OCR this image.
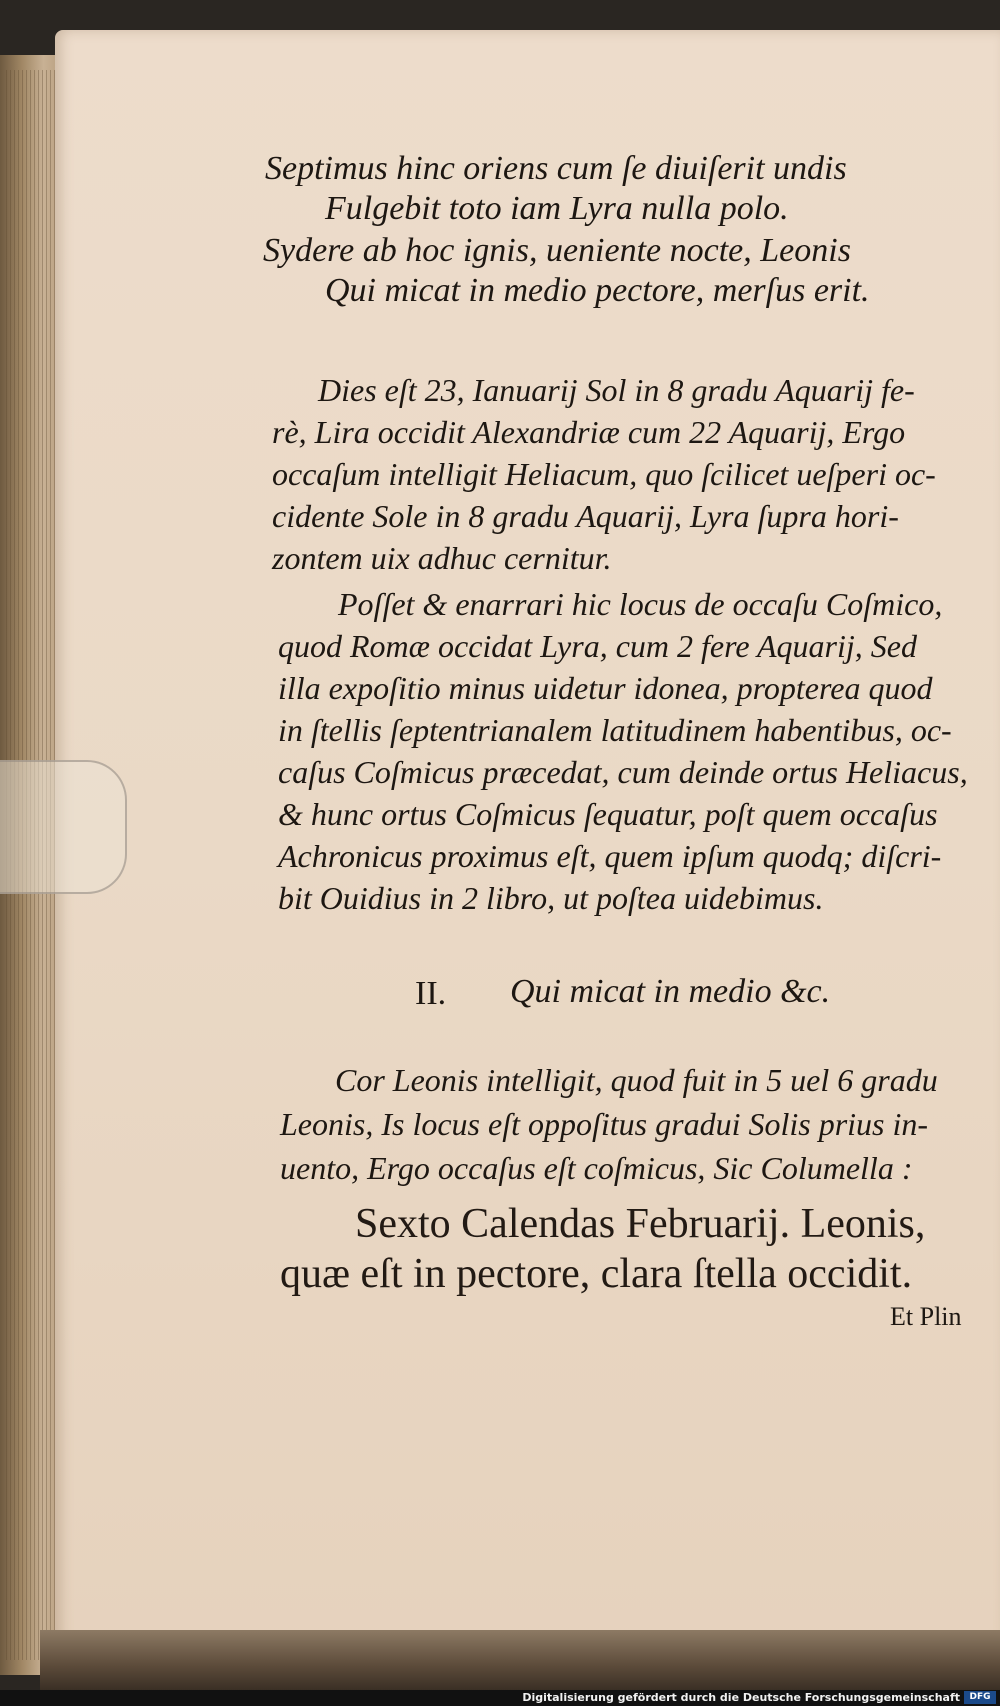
Septimus hinc oriens cum ſe diuiſerit undis
Fulgebit toto iam Lyra nulla polo.
Sydere ab hoc ignis, ueniente nocte, Leonis
Qui micat in medio pectore, merſus erit.
Dies eſt 23, Ianuarij Sol in 8 gradu Aquarij fe-
rè, Lira occidit Alexandriæ cum 22 Aquarij, Ergo
occaſum intelligit Heliacum, quo ſcilicet ueſperi oc-
cidente Sole in 8 gradu Aquarij, Lyra ſupra hori-
zontem uix adhuc cernitur.
Poſſet & enarrari hic locus de occaſu Coſmico,
quod Romæ occidat Lyra, cum 2 fere Aquarij, Sed
illa expoſitio minus uidetur idonea, propterea quod
in ſtellis ſeptentrianalem latitudinem habentibus, oc-
caſus Coſmicus præcedat, cum deinde ortus Heliacus,
& hunc ortus Coſmicus ſequatur, poſt quem occaſus
Achronicus proximus eſt, quem ipſum quodq; diſcri-
bit Ouidius in 2 libro, ut poſtea uidebimus.
II. Qui micat in medio &c.
Cor Leonis intelligit, quod fuit in 5 uel 6 gradu
Leonis, Is locus eſt oppoſitus gradui Solis prius in-
uento, Ergo occaſus eſt coſmicus, Sic Columella :
Sexto Calendas Februarij. Leonis,
quæ eſt in pectore, clara ſtella occidit.
Et Plin
Digitalisierung gefördert durch die Deutsche Forschungsgemeinschaft	DFG
